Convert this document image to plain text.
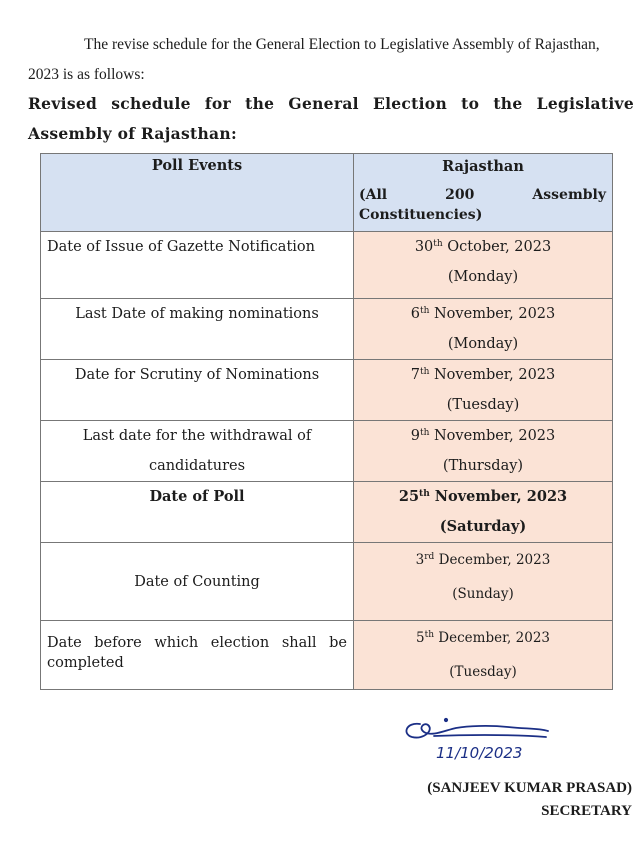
The revise schedule for the General Election to Legislative Assembly of Rajasthan, 2023 is as follows:

Revised schedule for the General Election to the Legislative Assembly of Rajasthan:

Poll Events	Rajasthan
(All 200 Assembly Constituencies)

Date of Issue of Gazette Notification	30th October, 2023
(Monday)
Last Date of making nominations	6th November, 2023
(Monday)
Date for Scrutiny of Nominations	7th November, 2023
(Tuesday)
Last date for the withdrawal of
candidatures	9th November, 2023
(Thursday)
Date of Poll	25th November, 2023
(Saturday)
Date of Counting	3rd December, 2023
(Sunday)
Date before which election shall be completed	5th December, 2023
(Tuesday)
11/10/2023
(SANJEEV KUMAR PRASAD)
SECRETARY
